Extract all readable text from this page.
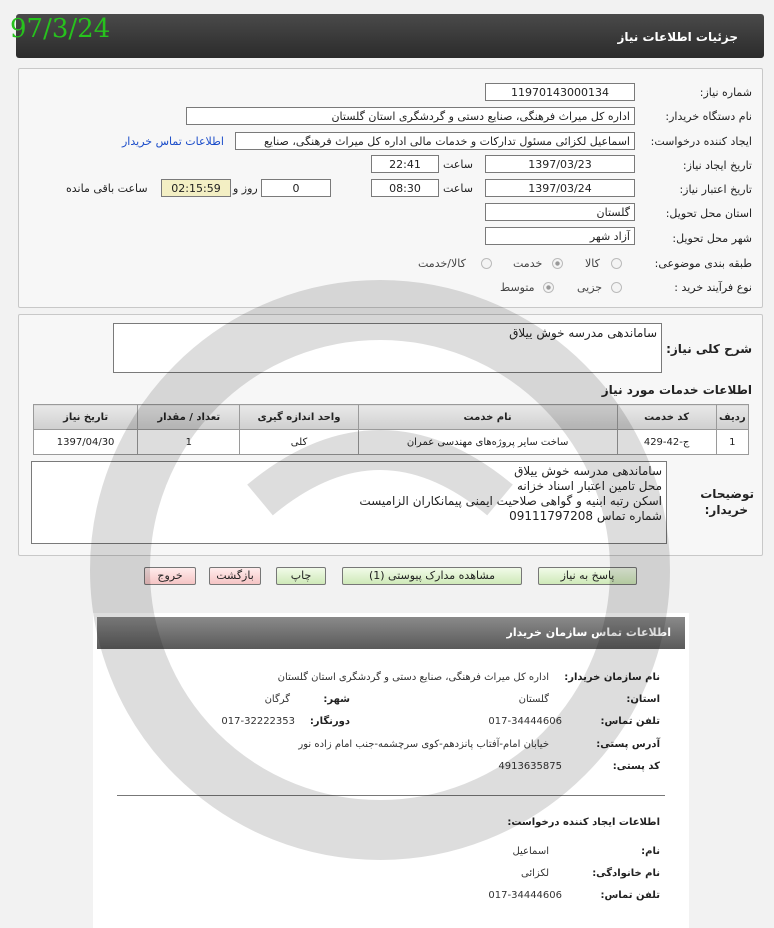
جزئیات اطلاعات نیاز
97/3/24
شماره نیاز:
11970143000134
نام دستگاه خریدار:
اداره کل میراث فرهنگی، صنایع دستی و گردشگری استان گلستان
ایجاد کننده درخواست:
اسماعیل لکزائی مسئول تدارکات و خدمات مالی اداره کل میراث فرهنگی، صنایع
اطلاعات تماس خریدار
تاریخ ایجاد نیاز:
1397/03/23
ساعت
22:41
تاریخ اعتبار نیاز:
1397/03/24
ساعت
08:30
0
روز و
02:15:59
ساعت باقی مانده
استان محل تحویل:
گلستان
شهر محل تحویل:
آزاد شهر
طبقه بندی موضوعی:
کالا
خدمت
کالا/خدمت
نوع فرآیند خرید :
جزیی
متوسط
شرح کلی نیاز:
ساماندهی مدرسه خوش ییلاق
اطلاعات خدمات مورد نیاز
ردیف	کد خدمت	نام خدمت	واحد اندازه گیری	تعداد / مقدار	تاریخ نیاز
1	ج-42-429	ساخت سایر پروژه‌های مهندسی عمران	کلی	1	1397/04/30
توضیحات
خریدار:
ساماندهی مدرسه خوش ییلاق
محل تامین اعتبار اسناد خزانه
اسکن رتبه ابنیه و گواهی صلاحیت ایمنی پیمانکاران الزامیست
شماره تماس 09111797208
پاسخ به نیاز
مشاهده مدارک پیوستی (1)
چاپ
بازگشت
خروج
اطلاعات تماس سازمان خریدار
نام سازمان خریدار:
اداره کل میراث فرهنگی، صنایع دستی و گردشگری استان گلستان
استان:
گلستان
شهر:
گرگان
تلفن تماس:
017-34444606
دورنگار:
017-32222353
آدرس پستی:
خیابان امام-آفتاب پانزدهم-کوی سرچشمه-جنب امام زاده نور
کد پستی:
4913635875
اطلاعات ایجاد کننده درخواست:
نام:
اسماعیل
نام خانوادگی:
لکزائی
تلفن تماس:
017-34444606
